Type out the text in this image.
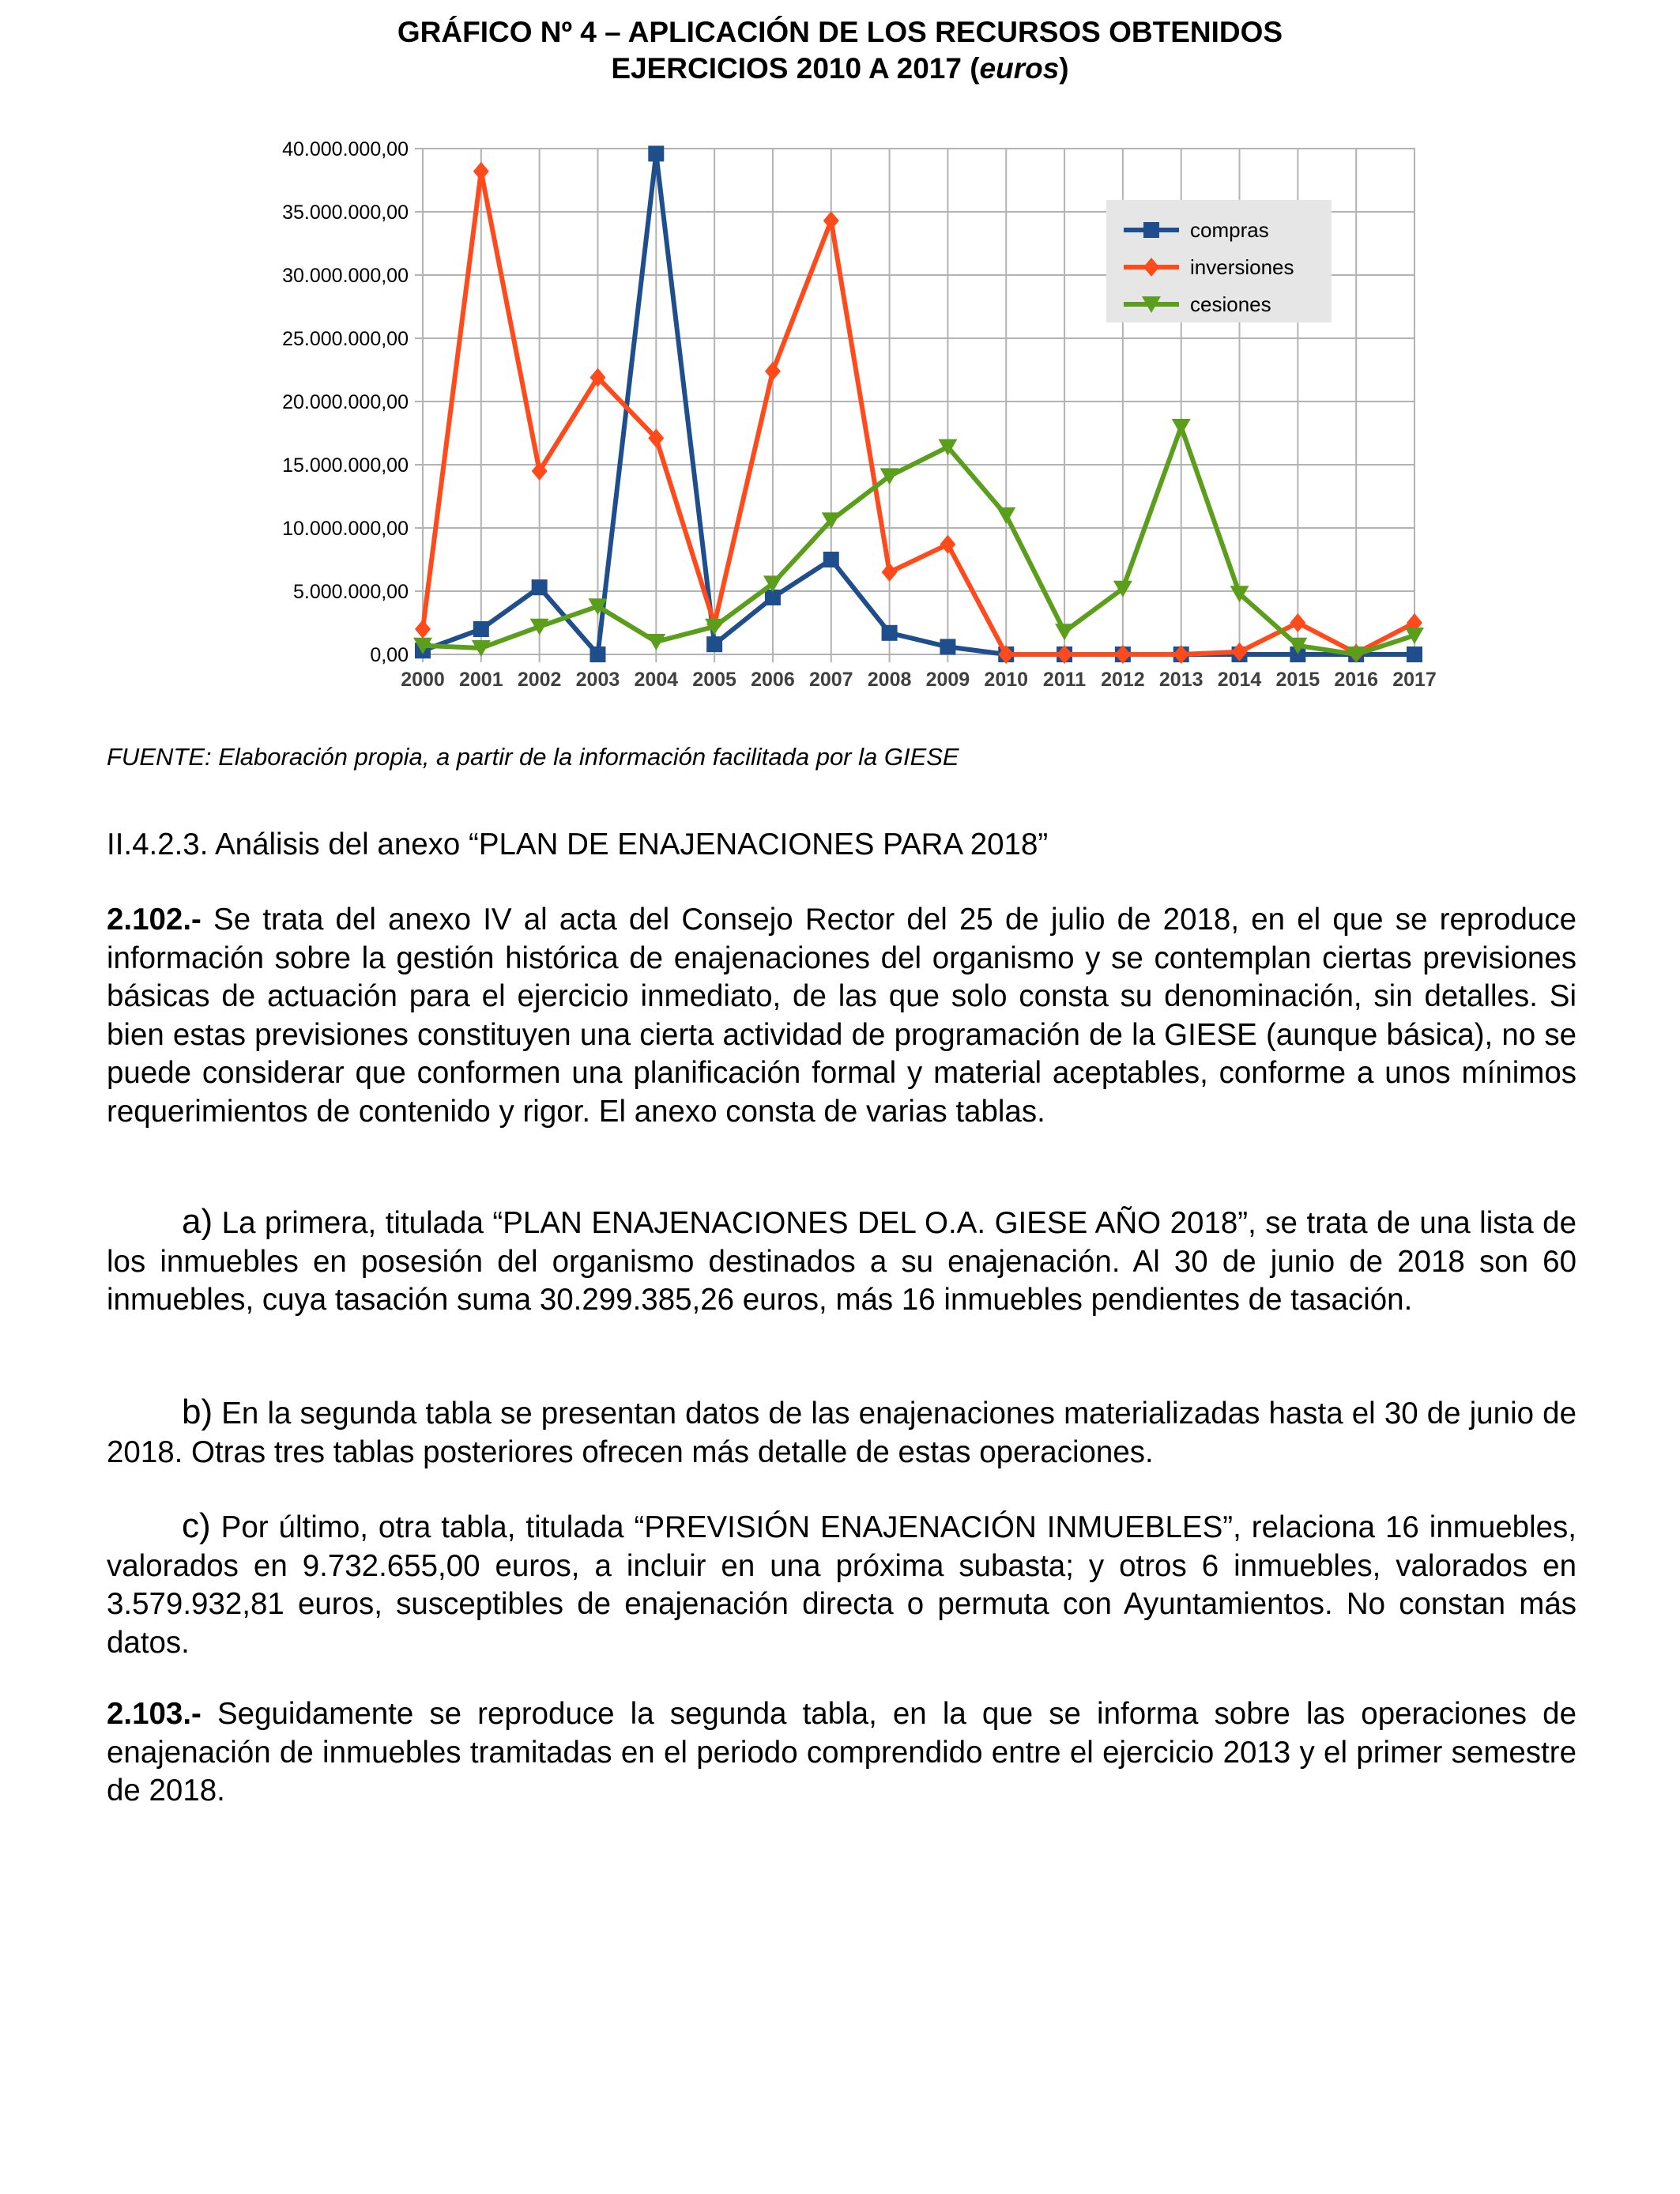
GRÁFICO Nº 4 – APLICACIÓN DE LOS RECURSOS OBTENIDOS
EJERCICIOS 2010 A 2017 (euros)
0,00
5.000.000,00
10.000.000,00
15.000.000,00
20.000.000,00
25.000.000,00
30.000.000,00
35.000.000,00
40.000.000,00
2000 2001 2002 2003 2004 2005 2006 2007 2008 2009 2010 2011 2012 2013 2014 2015 2016 2017
compras
inversiones
cesiones
FUENTE: Elaboración propia, a partir de la información facilitada por la GIESE
II.4.2.3. Análisis del anexo “PLAN DE ENAJENACIONES PARA 2018”
2.102.- Se trata del anexo IV al acta del Consejo Rector del 25 de julio de 2018, en el que se reproduce información sobre la gestión histórica de enajenaciones del organismo y se contemplan ciertas previsiones básicas de actuación para el ejercicio inmediato, de las que solo consta su denominación, sin detalles. Si bien estas previsiones constituyen una cierta actividad de programación de la GIESE (aunque básica), no se puede considerar que conformen una planificación formal y material aceptables, conforme a unos mínimos requerimientos de contenido y rigor. El anexo consta de varias tablas.
a) La primera, titulada “PLAN ENAJENACIONES DEL O.A. GIESE AÑO 2018”, se trata de una lista de los inmuebles en posesión del organismo destinados a su enajenación. Al 30 de junio de 2018 son 60 inmuebles, cuya tasación suma 30.299.385,26 euros, más 16 inmuebles pendientes de tasación.
b) En la segunda tabla se presentan datos de las enajenaciones materializadas hasta el 30 de junio de 2018. Otras tres tablas posteriores ofrecen más detalle de estas operaciones.
c) Por último, otra tabla, titulada “PREVISIÓN ENAJENACIÓN INMUEBLES”, relaciona 16 inmuebles, valorados en 9.732.655,00 euros, a incluir en una próxima subasta; y otros 6 inmuebles, valorados en 3.579.932,81 euros, susceptibles de enajenación directa o permuta con Ayuntamientos. No constan más datos.
2.103.- Seguidamente se reproduce la segunda tabla, en la que se informa sobre las operaciones de enajenación de inmuebles tramitadas en el periodo comprendido entre el ejercicio 2013 y el primer semestre de 2018.
